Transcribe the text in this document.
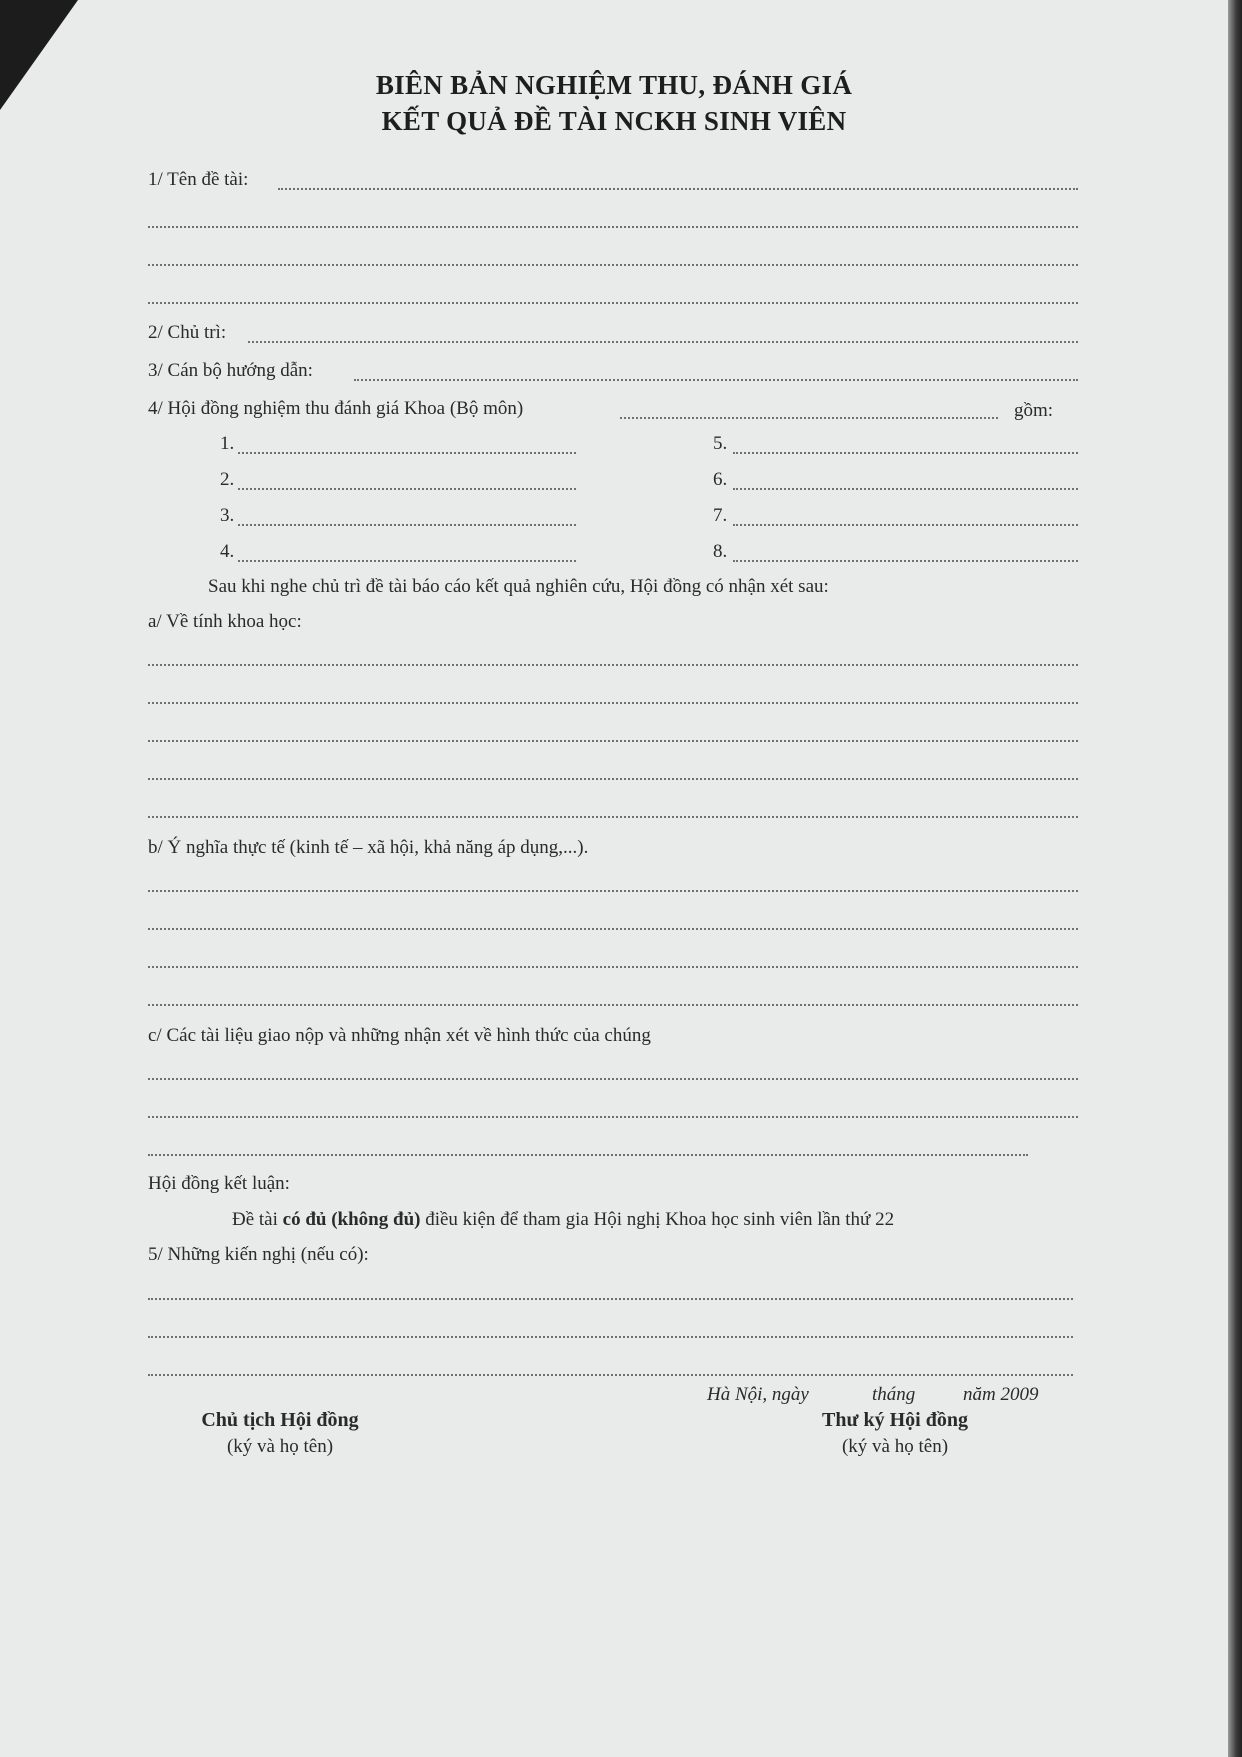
BIÊN BẢN NGHIỆM THU, ĐÁNH GIÁ
KẾT QUẢ ĐỀ TÀI NCKH SINH VIÊN
1/ Tên đề tài:
2/ Chủ trì:
3/ Cán bộ hướng dẫn:
4/ Hội đồng nghiệm thu đánh giá Khoa (Bộ môn)	gồm:
1.
2.
3.
4.
5.
6.
7.
8.
Sau khi nghe chủ trì đề tài báo cáo kết quả nghiên cứu, Hội đồng có nhận xét sau:
a/ Về tính khoa học:
b/ Ý nghĩa thực tế (kinh tế – xã hội, khả năng áp dụng,...).
c/ Các tài liệu giao nộp và những nhận xét về hình thức của chúng
Hội đồng kết luận:
Đề tài có đủ (không đủ) điều kiện để tham gia Hội nghị Khoa học sinh viên lần thứ 22
5/ Những kiến nghị (nếu có):
Hà Nội, ngày	tháng	năm 2009
Chủ tịch Hội đồng
(ký và họ tên)
Thư ký Hội đồng
(ký và họ tên)
